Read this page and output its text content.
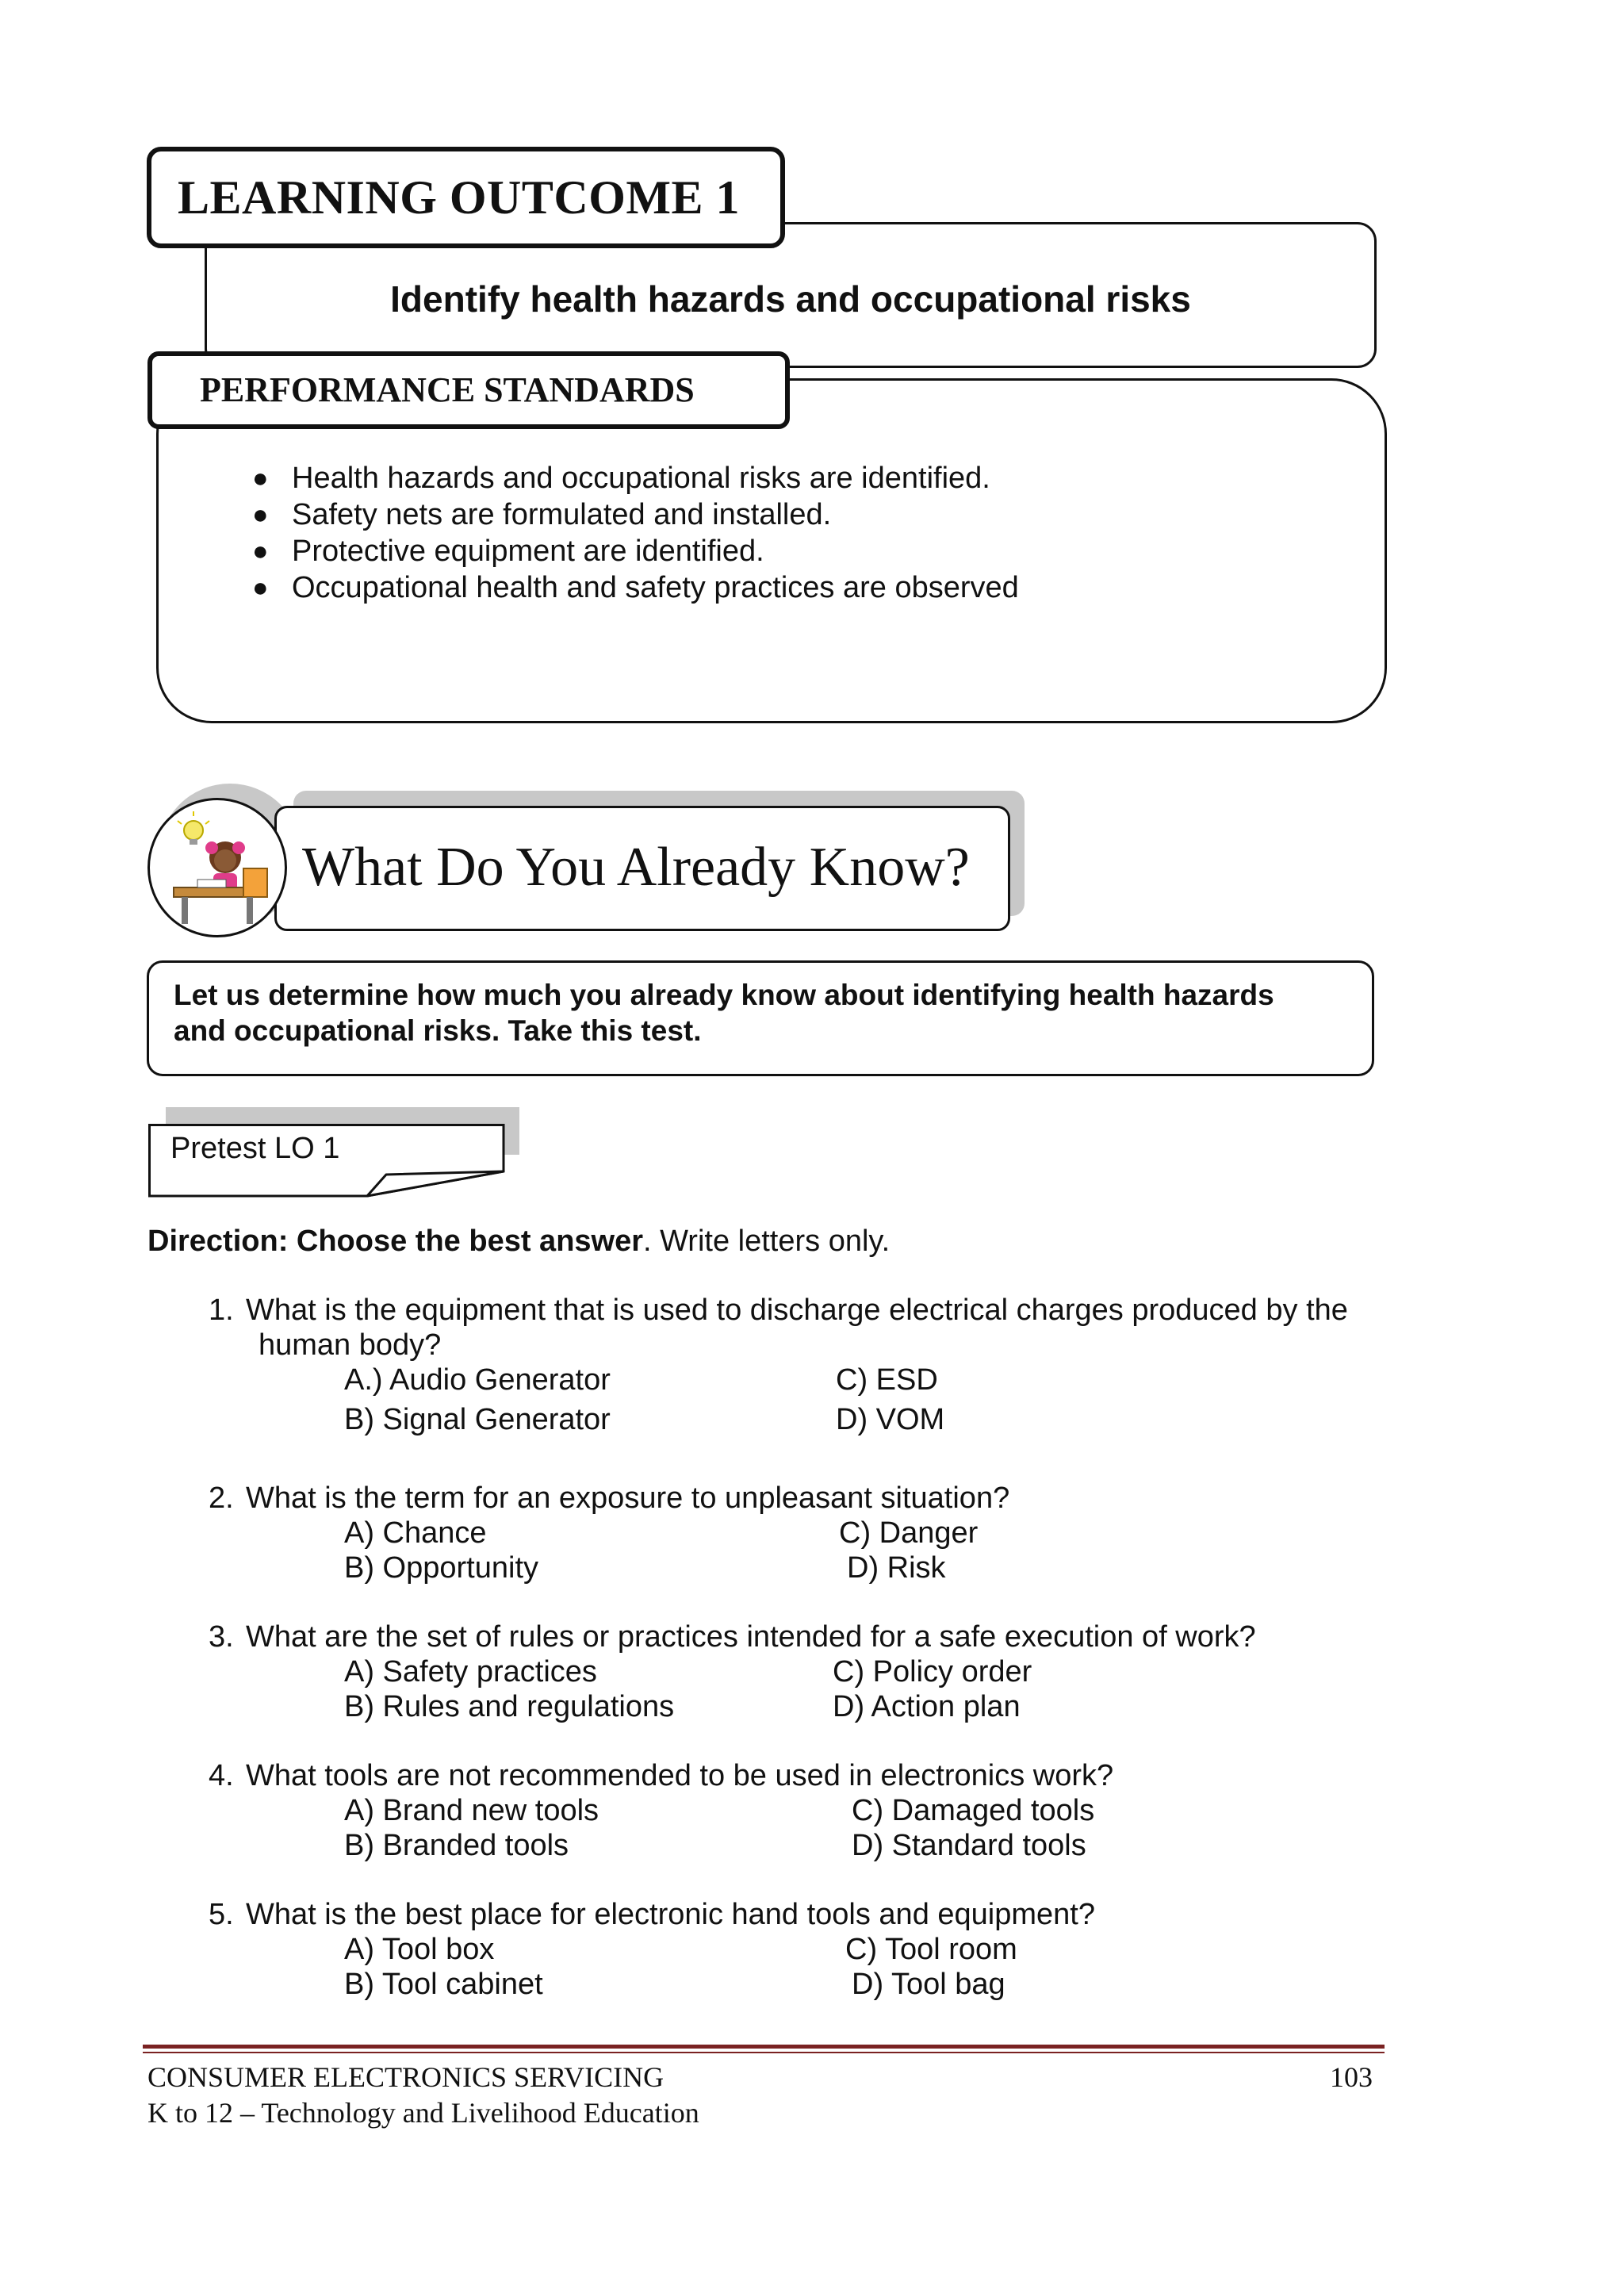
LEARNING OUTCOME 1
Identify health hazards and occupational risks
PERFORMANCE STANDARDS
● Health hazards and occupational risks are identified.
● Safety nets are formulated and installed.
● Protective equipment are identified.
● Occupational health and safety practices are observed
What Do You Already Know?
Let us determine how much you already know about identifying health hazards
and occupational risks. Take this test.
Pretest LO 1
Direction: Choose the best answer. Write letters only.
1. What is the equipment that is used to discharge electrical charges produced by the
human body?
A.) Audio Generator	C) ESD
B) Signal Generator	D) VOM
2. What is the term for an exposure to unpleasant situation?
A) Chance	C) Danger
B) Opportunity	D) Risk
3. What are the set of rules or practices intended for a safe execution of work?
A) Safety practices	C) Policy order
B) Rules and regulations	D) Action plan
4. What tools are not recommended to be used in electronics work?
A) Brand new tools	C) Damaged tools
B) Branded tools	D) Standard tools
5. What is the best place for electronic hand tools and equipment?
A) Tool box	C) Tool room
B) Tool cabinet	D) Tool bag
CONSUMER ELECTRONICS SERVICING
K to 12 – Technology and Livelihood Education
103
